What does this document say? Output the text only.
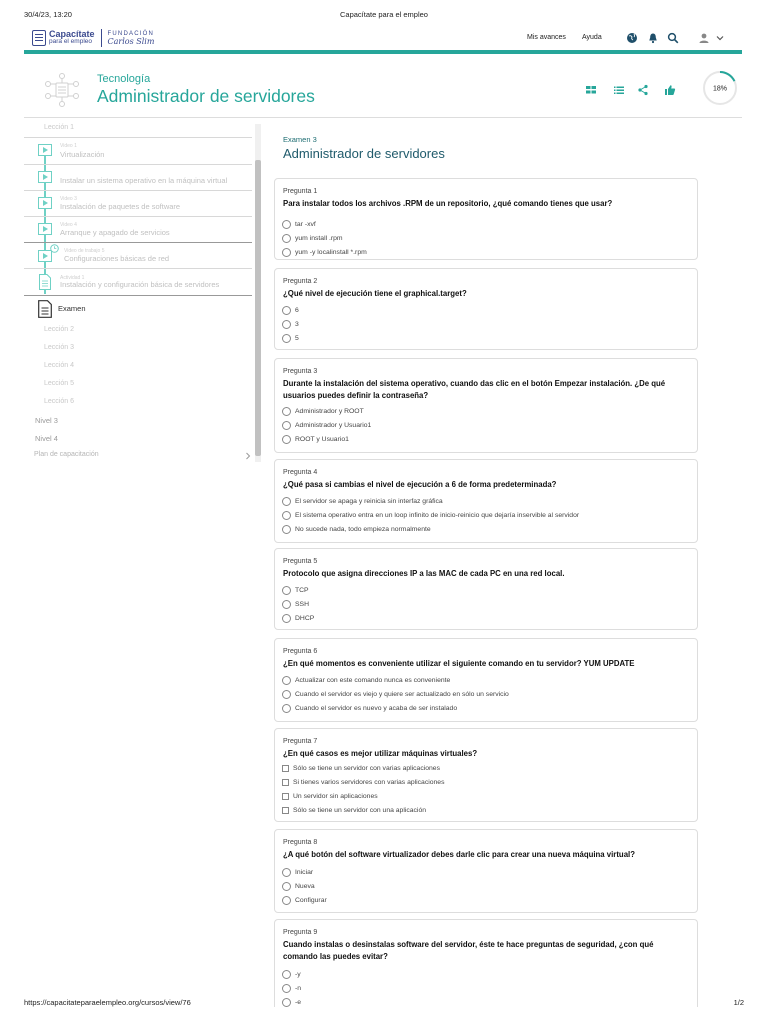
30/4/23, 13:20	Capacítate para el empleo
Capacítate
para el empleo
FUNDACIÓN
Carlos Slim	Mis avances Ayuda
Tecnología
Administrador de servidores	18%
Lección 1
Video 1
Virtualización
Instalar un sistema operativo en la máquina virtual
Video 3
Instalación de paquetes de software
Video 4
Arranque y apagado de servicios
Video de trabajo 5
Configuraciones básicas de red
Actividad 1
Instalación y configuración básica de servidores
Examen
Lección 2
Lección 3
Lección 4
Lección 5
Lección 6
Nivel 3
Nivel 4
Plan de capacitación
Examen 3
Administrador de servidores
Pregunta 1
Para instalar todos los archivos .RPM de un repositorio, ¿qué comando tienes que usar?
tar -xvf
yum install .rpm
yum -y localinstall *.rpm
Pregunta 2
¿Qué nivel de ejecución tiene el graphical.target?
6
3
5
Pregunta 3
Durante la instalación del sistema operativo, cuando das clic en el botón Empezar instalación. ¿De qué usuarios puedes definir la contraseña?
Administrador y ROOT
Administrador y Usuario1
ROOT y Usuario1
Pregunta 4
¿Qué pasa si cambias el nivel de ejecución a 6 de forma predeterminada?
El servidor se apaga y reinicia sin interfaz gráfica
El sistema operativo entra en un loop infinito de inicio-reinicio que dejaría inservible al servidor
No sucede nada, todo empieza normalmente
Pregunta 5
Protocolo que asigna direcciones IP a las MAC de cada PC en una red local.
TCP
SSH
DHCP
Pregunta 6
¿En qué momentos es conveniente utilizar el siguiente comando en tu servidor? YUM UPDATE
Actualizar con este comando nunca es conveniente
Cuando el servidor es viejo y quiere ser actualizado en sólo un servicio
Cuando el servidor es nuevo y acaba de ser instalado
Pregunta 7
¿En qué casos es mejor utilizar máquinas virtuales?
Sólo se tiene un servidor con varias aplicaciones
Si tienes varios servidores con varias aplicaciones
Un servidor sin aplicaciones
Sólo se tiene un servidor con una aplicación
Pregunta 8
¿A qué botón del software virtualizador debes darle clic para crear una nueva máquina virtual?
Iniciar
Nueva
Configurar
Pregunta 9
Cuando instalas o desinstalas software del servidor, éste te hace preguntas de seguridad, ¿con qué comando las puedes evitar?
-y
-n
-e
https://capacitateparaelempleo.org/cursos/view/76	1/2
